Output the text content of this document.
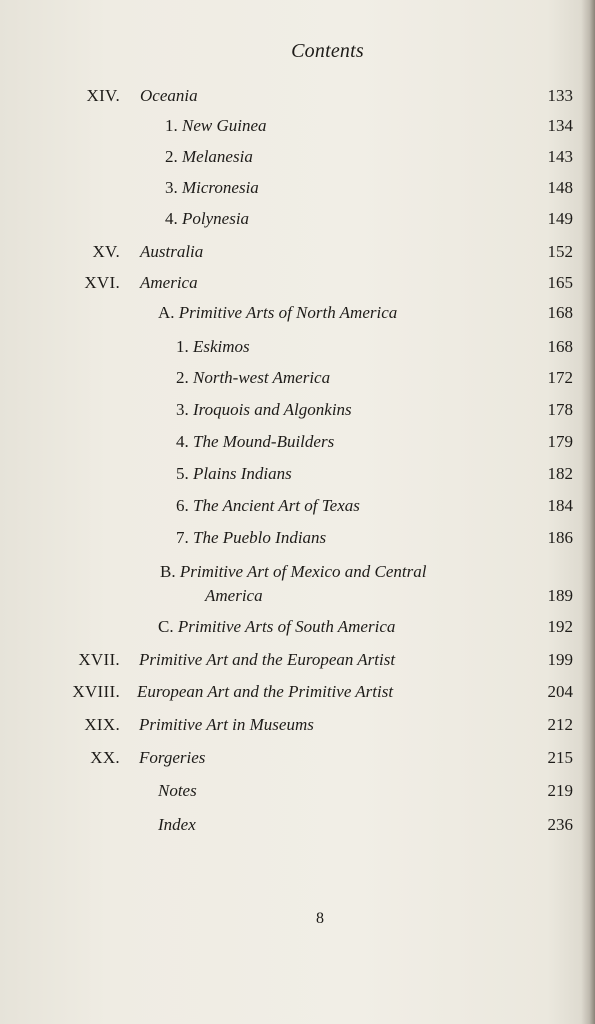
Contents
XIV. Oceania	133
1. New Guinea	134
2. Melanesia	143
3. Micronesia	148
4. Polynesia	149
XV. Australia	152
XVI. America	165
A. Primitive Arts of North America	168
1. Eskimos	168
2. North-west America	172
3. Iroquois and Algonkins	178
4. The Mound-Builders	179
5. Plains Indians	182
6. The Ancient Art of Texas	184
7. The Pueblo Indians	186
B. Primitive Art of Mexico and Central
America	189
C. Primitive Arts of South America	192
XVII. Primitive Art and the European Artist	199
XVIII. European Art and the Primitive Artist	204
XIX. Primitive Art in Museums	212
XX. Forgeries	215
Notes	219
Index	236
8
